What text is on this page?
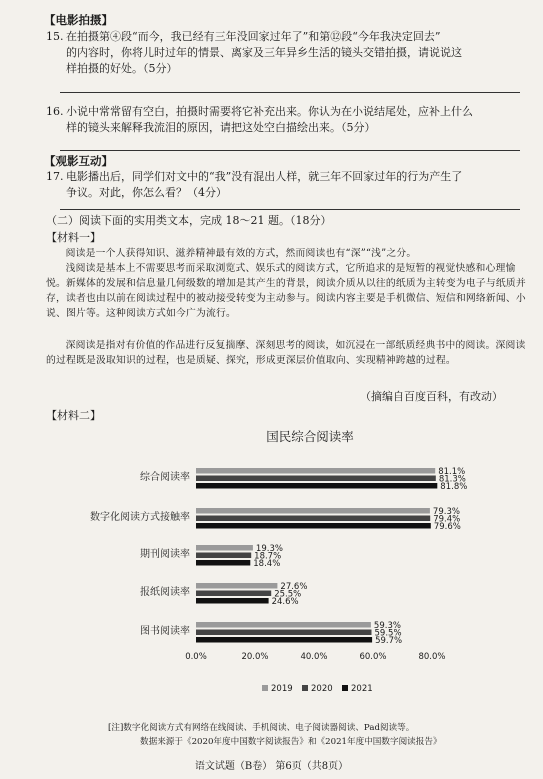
【电影拍摄】
15. 在拍摄第④段“而今，我已经有三年没回家过年了”和第⑫段“今年我决定回去”
的内容时，你将儿时过年的情景、离家及三年异乡生活的镜头交错拍摄，请说说这
样拍摄的好处。（5分）
16. 小说中常常留有空白，拍摄时需要将它补充出来。你认为在小说结尾处，应补上什么
样的镜头来解释我流泪的原因，请把这处空白描绘出来。（5分）
【观影互动】
17. 电影播出后，同学们对文中的“我”没有混出人样，就三年不回家过年的行为产生了
争议。对此，你怎么看？（4分）
（二）阅读下面的实用类文本，完成 18～21 题。（18分）
【材料一】
阅读是一个人获得知识、滋养精神最有效的方式，然而阅读也有“深”“浅”之分。
浅阅读是基本上不需要思考而采取浏览式、娱乐式的阅读方式，它所追求的是短暂的视觉快感和心理愉悦。新媒体的发展和信息量几何级数的增加是其产生的背景，阅读介质从以往的纸质为主转变为电子与纸质并存，读者也由以前在阅读过程中的被动接受转变为主动参与。阅读内容主要是手机微信、短信和网络新闻、小说、图片等。这种阅读方式如今广为流行。
深阅读是指对有价值的作品进行反复揣摩、深刻思考的阅读，如沉浸在一部纸质经典书中的阅读。深阅读的过程既是汲取知识的过程，也是质疑、探究，形成更深层价值取向、实现精神跨越的过程。
（摘编自百度百科，有改动）
【材料二】
国民综合阅读率
综合阅读率
数字化阅读方式接触率
期刊阅读率
报纸阅读率
图书阅读率
81.1%
81.3%
81.8%
79.3%
79.4%
79.6%
19.3%
18.7%
18.4%
27.6%
25.5%
24.6%
59.3%
59.5%
59.7%
0.0%	20.0%	40.0%	60.0%	80.0%
2019 2020 2021
[注]数字化阅读方式有网络在线阅读、手机阅读、电子阅读器阅读、Pad阅读等。
数据来源于《2020年度中国数字阅读报告》和《2021年度中国数字阅读报告》
语文试题（B卷） 第6页（共8页）
